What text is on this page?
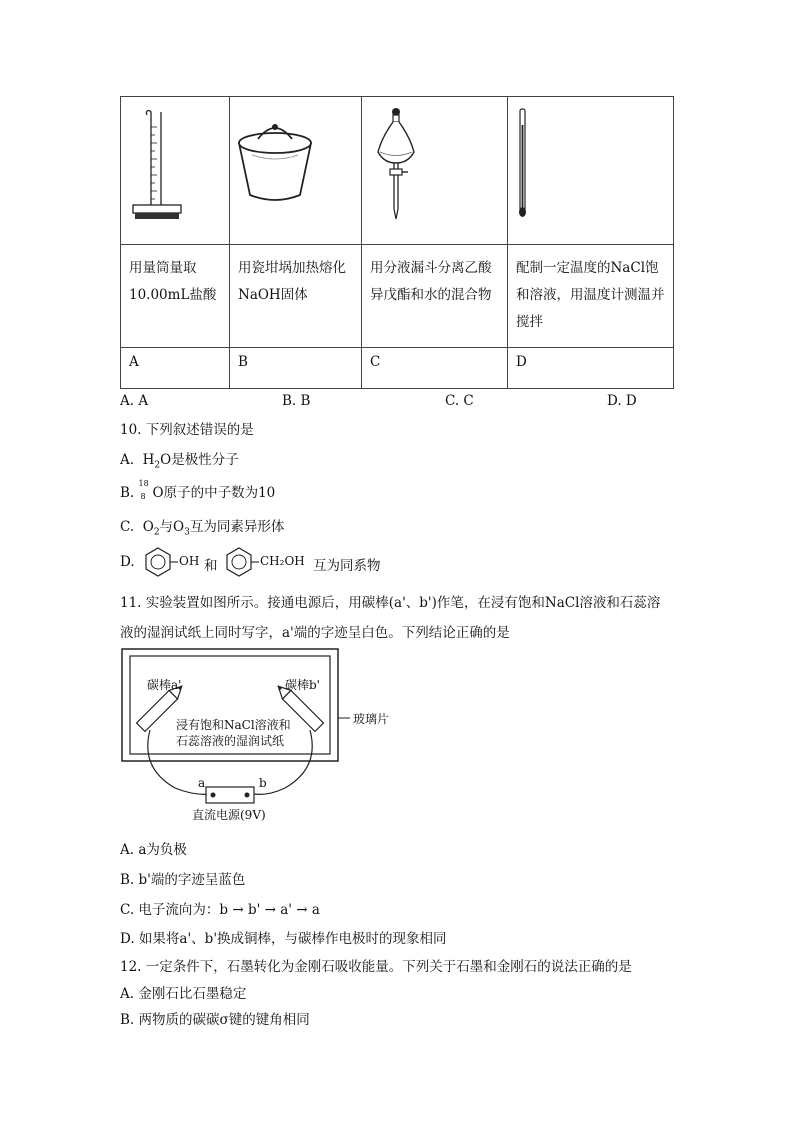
用量筒量取10.00mL盐酸	用瓷坩埚加热熔化NaOH固体	用分液漏斗分离乙酸异戊酯和水的混合物	配制一定温度的NaCl饱和溶液，用温度计测温并搅拌
A	B	C	D
A. A	B. B	C. C	D. D
10. 下列叙述错误的是
A. $H_2O$是极性分子
B.
18
8 O原子的中子数为10
C. $O_2$与$O_3$互为同素异形体
D.	OH 和	CH₂OH 互为同系物
11. 实验装置如图所示。接通电源后，用碳棒(a'、b')作笔，在浸有饱和NaCl溶液和石蕊溶
液的湿润试纸上同时写字，a'端的字迹呈白色。下列结论正确的是
碳棒a'	碳棒b'
浸有饱和NaCl溶液和
石蕊溶液的湿润试纸
玻璃片
a	b
直流电源(9V)
A. a为负极
B. b'端的字迹呈蓝色
C. 电子流向为：b → b' → a' → a
D. 如果将a'、b'换成铜棒，与碳棒作电极时的现象相同
12. 一定条件下，石墨转化为金刚石吸收能量。下列关于石墨和金刚石的说法正确的是
A. 金刚石比石墨稳定
B. 两物质的碳碳σ键的键角相同
